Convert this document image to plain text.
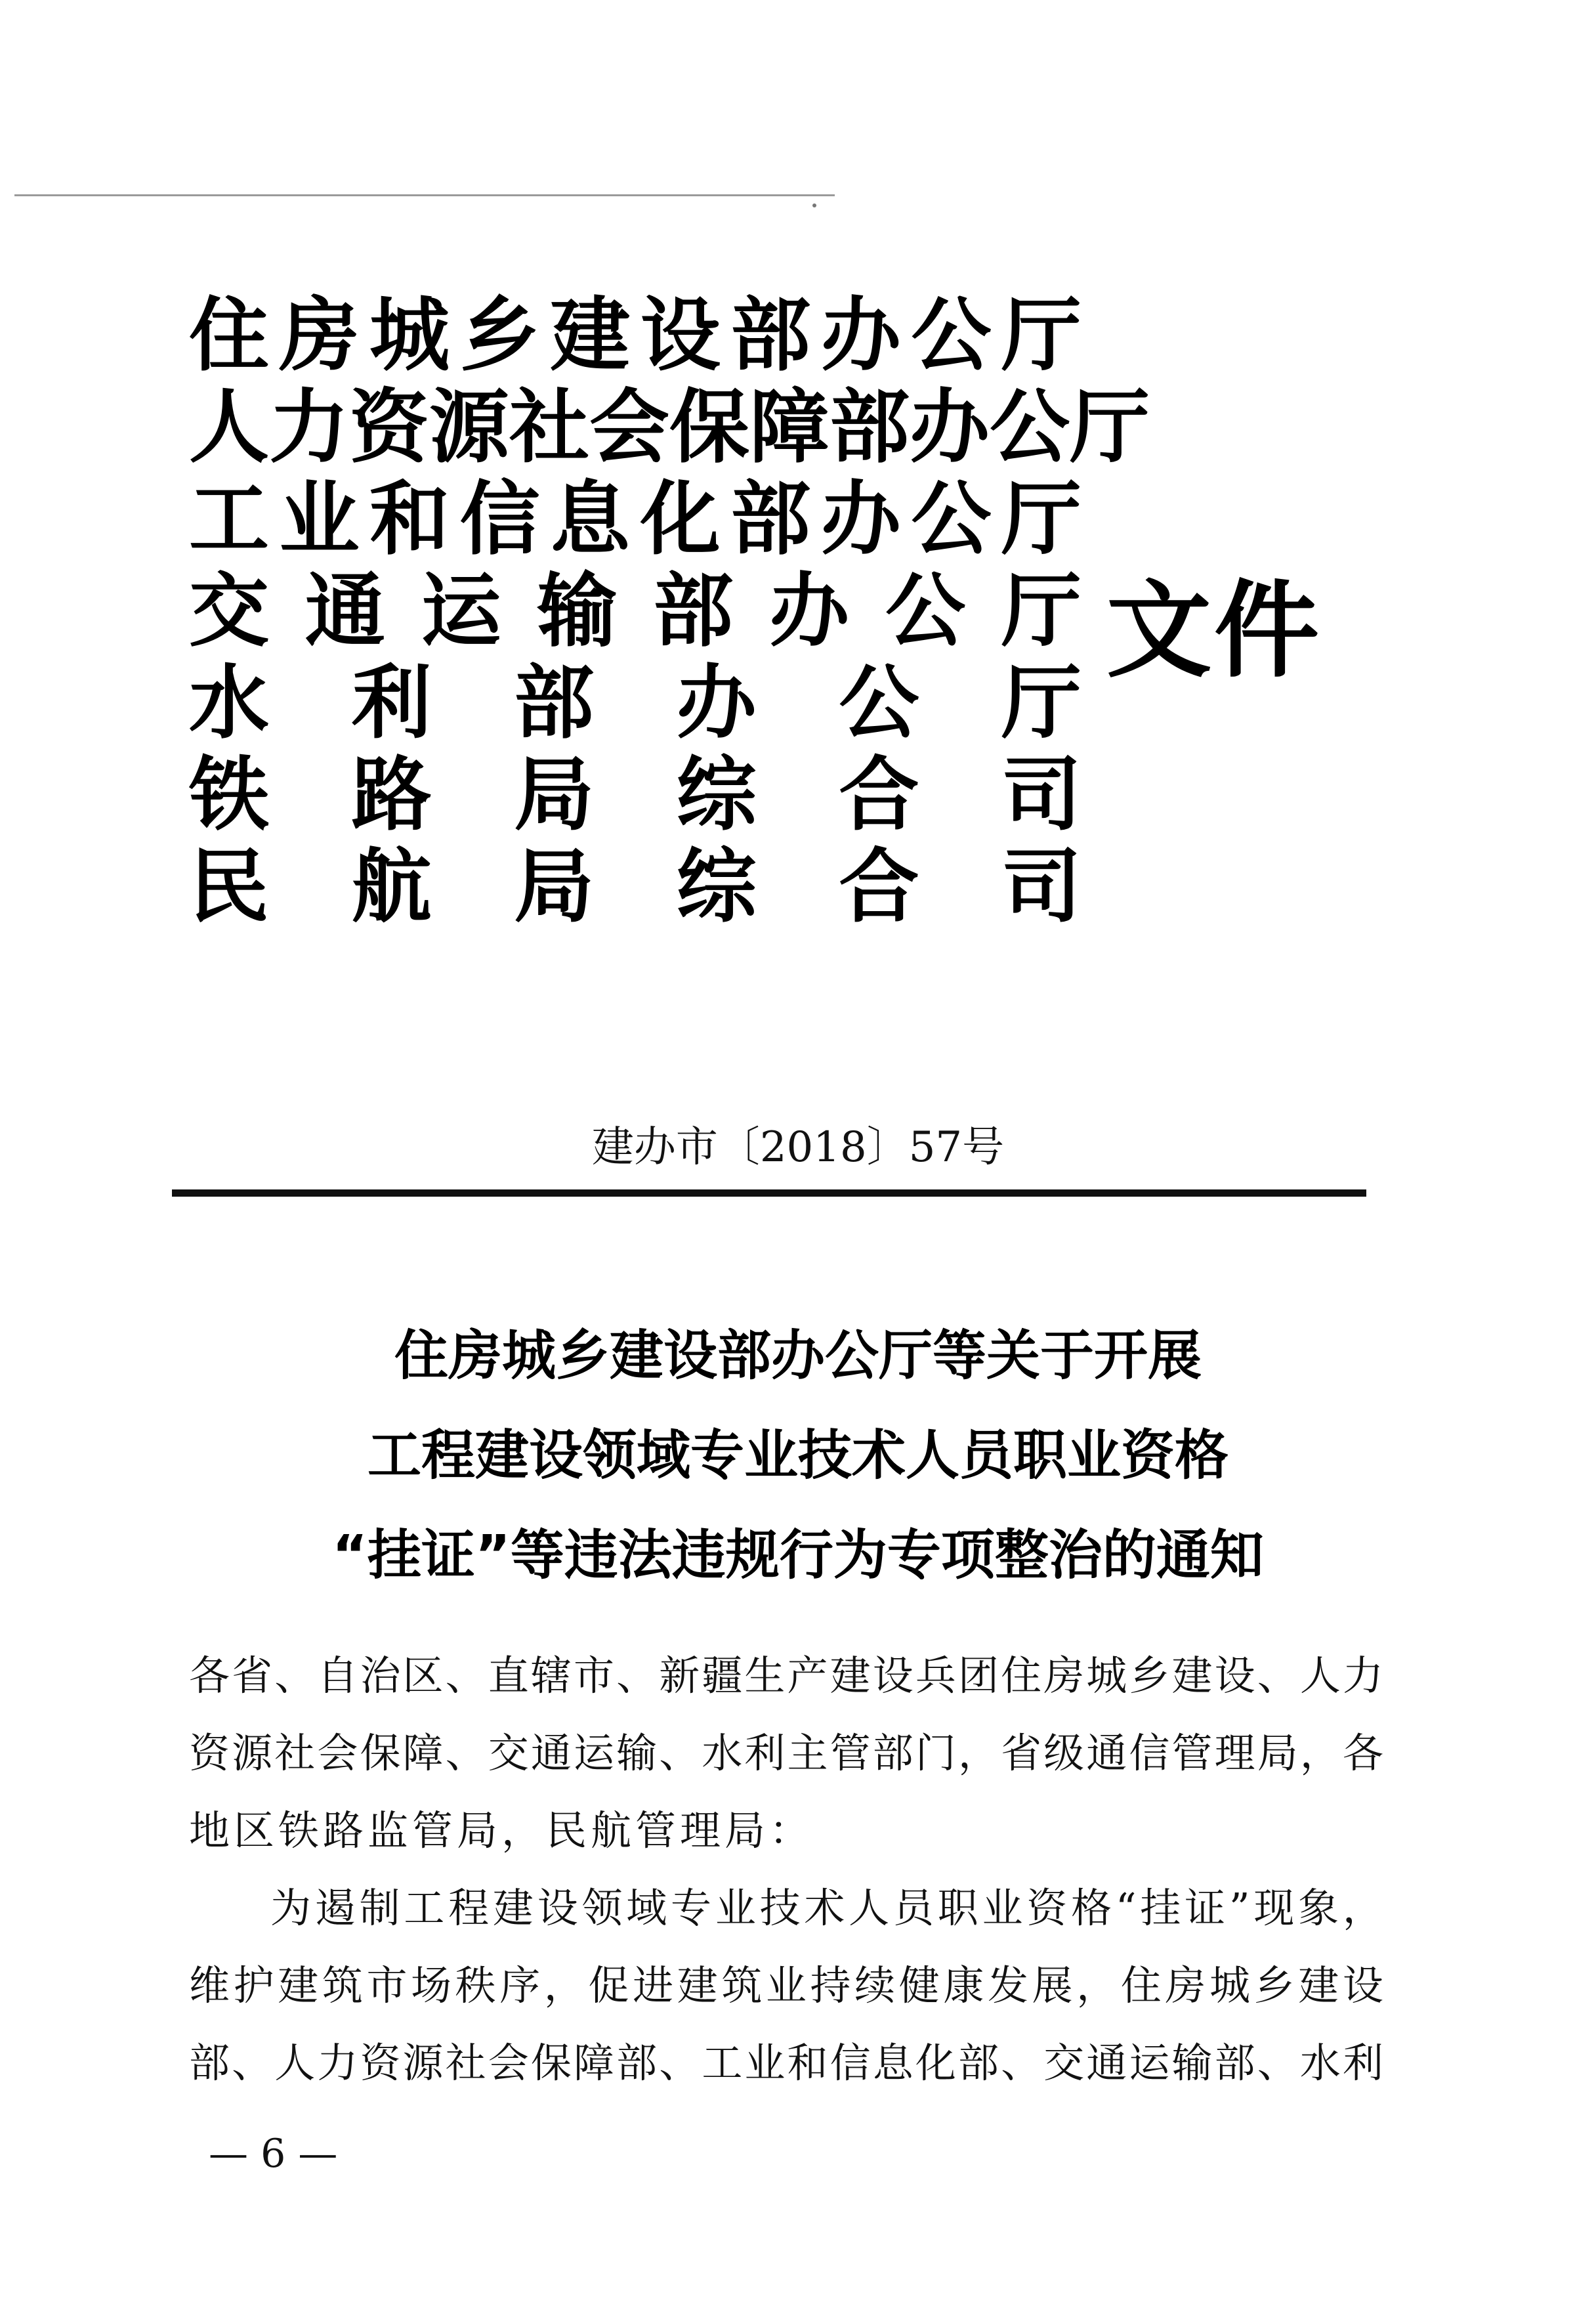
住 房 城 乡 建 设 部 办 公 厅
人 力 资 源 社 会 保 障 部 办 公 厅
工 业 和 信 息 化 部 办 公 厅
交 通 运 输 部 办 公 厅
水 利 部 办 公 厅
铁 路 局 综 合 司
民 航 局 综 合 司
文件
建办市〔2018〕57号
住房城乡建设部办公厅等关于开展
工程建设领域专业技术人员职业资格
“挂证”等违法违规行为专项整治的通知
各 省 、 自 治 区 、 直 辖 市 、 新 疆 生 产 建 设 兵 团 住 房 城 乡 建 设 、 人 力
资 源 社 会 保 障 、 交 通 运 输 、 水 利 主 管 部 门 ， 省 级 通 信 管 理 局 ， 各
地区铁路监管局，民航管理局：
为 遏 制 工 程 建 设 领 域 专 业 技 术 人 员 职 业 资 格 “ 挂 证 ” 现 象 ，
维 护 建 筑 市 场 秩 序 ， 促 进 建 筑 业 持 续 健 康 发 展 ， 住 房 城 乡 建 设
部 、 人 力 资 源 社 会 保 障 部 、 工 业 和 信 息 化 部 、 交 通 运 输 部 、 水 利
— 6 —
